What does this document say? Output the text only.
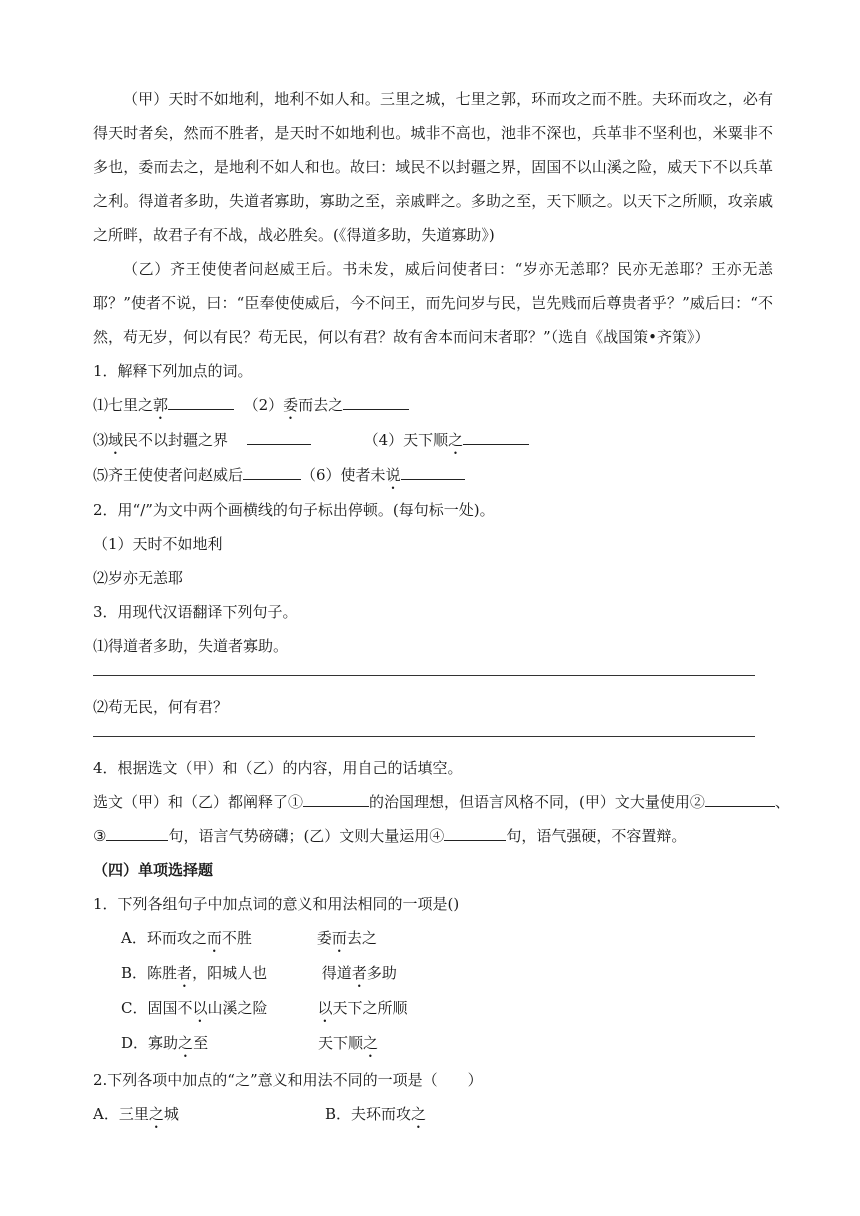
（甲）天时不如地利，地利不如人和。三里之城，七里之郭，环而攻之而不胜。夫环而攻之，必有得天时者矣，然而不胜者，是天时不如地利也。城非不高也，池非不深也，兵革非不坚利也，米粟非不多也，委而去之，是地利不如人和也。故曰：域民不以封疆之界，固国不以山溪之险，威天下不以兵革之利。得道者多助，失道者寡助，寡助之至，亲戚畔之。多助之至，天下顺之。以天下之所顺，攻亲戚之所畔，故君子有不战，战必胜矣。(《得道多助，失道寡助》)

（乙）齐王使使者问赵威王后。书未发，威后问使者曰：“岁亦无恙耶？民亦无恙耶？王亦无恙耶？”使者不说，曰：“臣奉使使威后，今不问王，而先问岁与民，岂先贱而后尊贵者乎？”威后曰：“不然，苟无岁，何以有民？苟无民，何以有君？故有舍本而问末者耶？”（选自《战国策•齐策》）

1．解释下列加点的词。

⑴七里之郭	（2）委而去之

⑶域民不以封疆之界	（4）天下顺之

⑸齐王使使者问赵威后	（6）使者未说

2．用“/”为文中两个画横线的句子标出停顿。(每句标一处)。

（1）天时不如地利

⑵岁亦无恙耶

3．用现代汉语翻译下列句子。

⑴得道者多助，失道者寡助。

⑵苟无民，何有君？

4．根据选文（甲）和（乙）的内容，用自己的话填空。

选文（甲）和（乙）都阐释了①	的治国理想，但语言风格不同，(甲）文大量使用②	、

③	句，语言气势磅礴；(乙）文则大量运用④	句，语气强硬，不容置辩。

（四）单项选择题

1．下列各组句子中加点词的意义和用法相同的一项是()

A．环而攻之而不胜	委而去之

B．陈胜者，阳城人也	得道者多助

C．固国不以山溪之险	以天下之所顺

D．寡助之至	天下顺之

2.下列各项中加点的“之”意义和用法不同的一项是（　　）

A．三里之城	B．夫环而攻之
